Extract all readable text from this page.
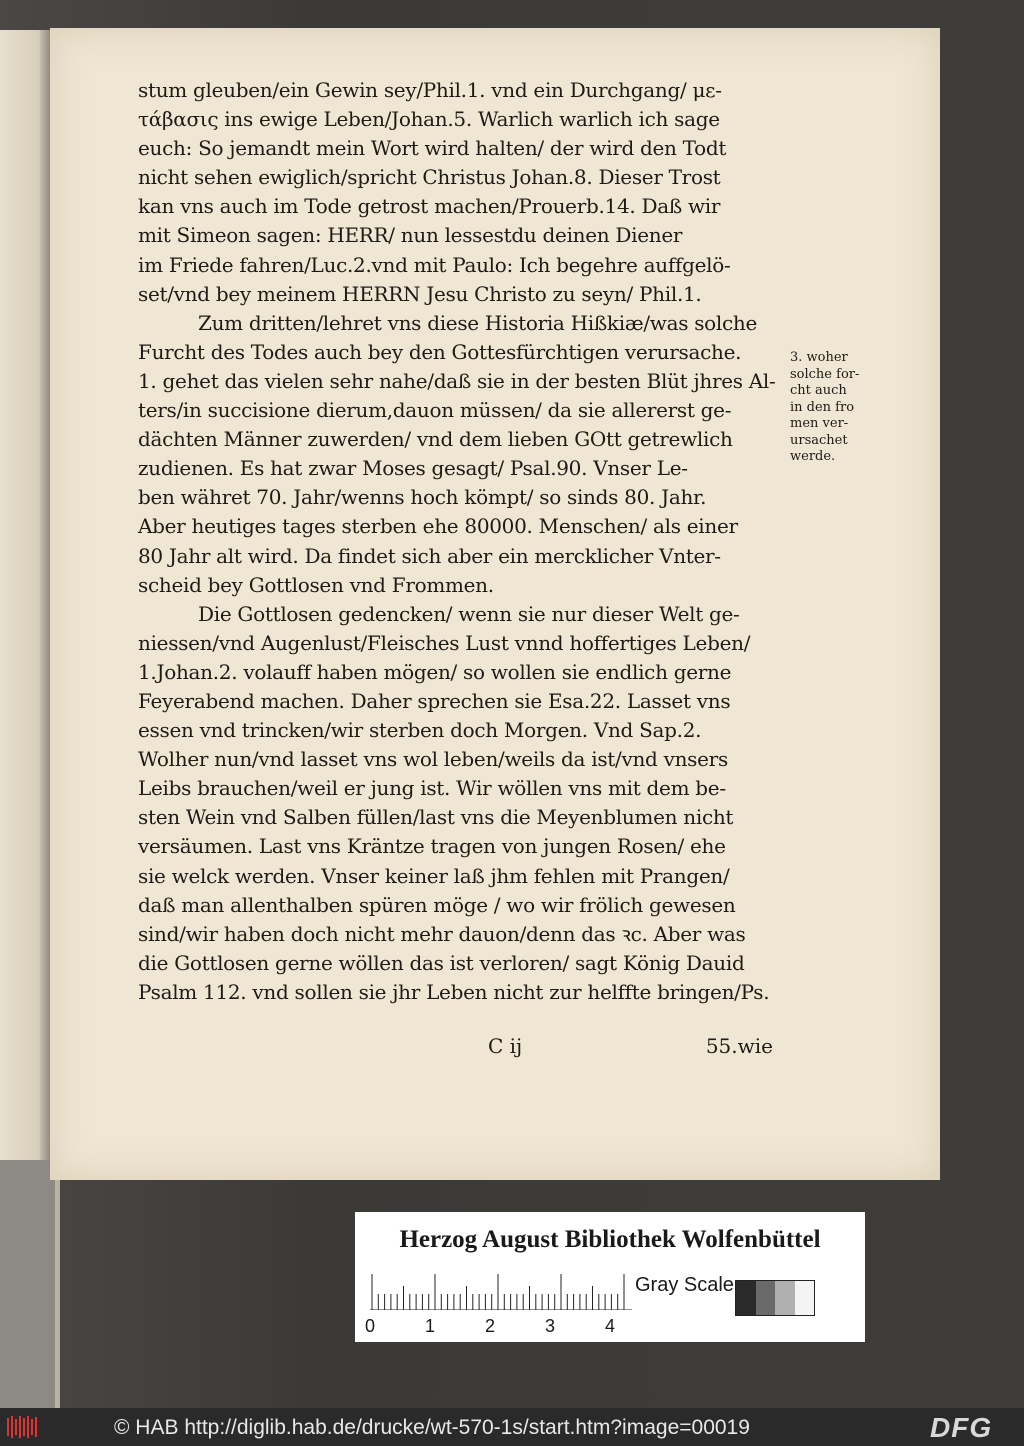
stum gleuben/ein Gewin sey/Phil.1. vnd ein Durchgang/ με-
τάβασις ins ewige Leben/Johan.5. Warlich warlich ich sage
euch: So jemandt mein Wort wird halten/ der wird den Todt
nicht sehen ewiglich/spricht Christus Johan.8. Dieser Trost
kan vns auch im Tode getrost machen/Prouerb.14. Daß wir
mit Simeon sagen: HERR/ nun lessestdu deinen Diener
im Friede fahren/Luc.2.vnd mit Paulo: Ich begehre auffgelö-
set/vnd bey meinem HERRN Jesu Christo zu seyn/ Phil.1.
Zum dritten/lehret vns diese Historia Hißkiæ/was solche
Furcht des Todes auch bey den Gottesfürchtigen verursache.
1. gehet das vielen sehr nahe/daß sie in der besten Blüt jhres Al-
ters/in succisione dierum,dauon müssen/ da sie allererst ge-
dächten Männer zuwerden/ vnd dem lieben GOtt getrewlich
zudienen. Es hat zwar Moses gesagt/ Psal.90. Vnser Le-
ben währet 70. Jahr/wenns hoch kömpt/ so sinds 80. Jahr.
Aber heutiges tages sterben ehe 80000. Menschen/ als einer
80 Jahr alt wird. Da findet sich aber ein mercklicher Vnter-
scheid bey Gottlosen vnd Frommen.
Die Gottlosen gedencken/ wenn sie nur dieser Welt ge-
niessen/vnd Augenlust/Fleisches Lust vnnd hoffertiges Leben/
1.Johan.2. volauff haben mögen/ so wollen sie endlich gerne
Feyerabend machen. Daher sprechen sie Esa.22. Lasset vns
essen vnd trincken/wir sterben doch Morgen. Vnd Sap.2.
Wolher nun/vnd lasset vns wol leben/weils da ist/vnd vnsers
Leibs brauchen/weil er jung ist. Wir wöllen vns mit dem be-
sten Wein vnd Salben füllen/last vns die Meyenblumen nicht
versäumen. Last vns Kräntze tragen von jungen Rosen/ ehe
sie welck werden. Vnser keiner laß jhm fehlen mit Prangen/
daß man allenthalben spüren möge / wo wir frölich gewesen
sind/wir haben doch nicht mehr dauon/denn das ꝛc. Aber was
die Gottlosen gerne wöllen das ist verloren/ sagt König Dauid
Psalm 112. vnd sollen sie jhr Leben nicht zur helffte bringen/Ps.
3. woher
solche for-
cht auch
in den fro
men ver-
ursachet
werde.
C ij	55.wie
Herzog August Bibliothek Wolfenbüttel
0	1	2	3	4
Gray Scale
© HAB http://diglib.hab.de/drucke/wt-570-1s/start.htm?image=00019	DFG
